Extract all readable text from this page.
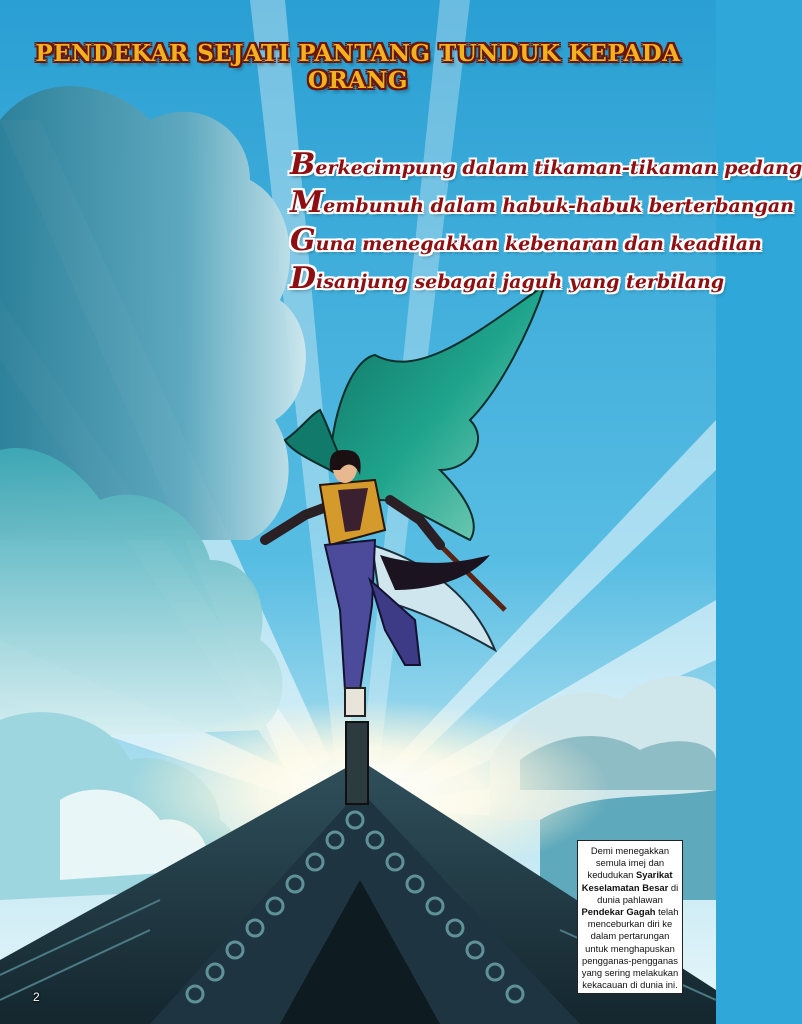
PENDEKAR SEJATI PANTANG TUNDUK KEPADA ORANG
Berkecimpung dalam tikaman-tikaman pedang
Membunuh dalam habuk-habuk berterbangan
Guna menegakkan kebenaran dan keadilan
Disanjung sebagai jaguh yang terbilang
Demi menegakkan semula imej dan kedudukan Syarikat Keselamatan Besar di dunia pahlawan Pendekar Gagah telah menceburkan diri ke dalam pertarungan untuk menghapuskan pengganas-pengganas yang sering melakukan kekacauan di dunia ini.
2
